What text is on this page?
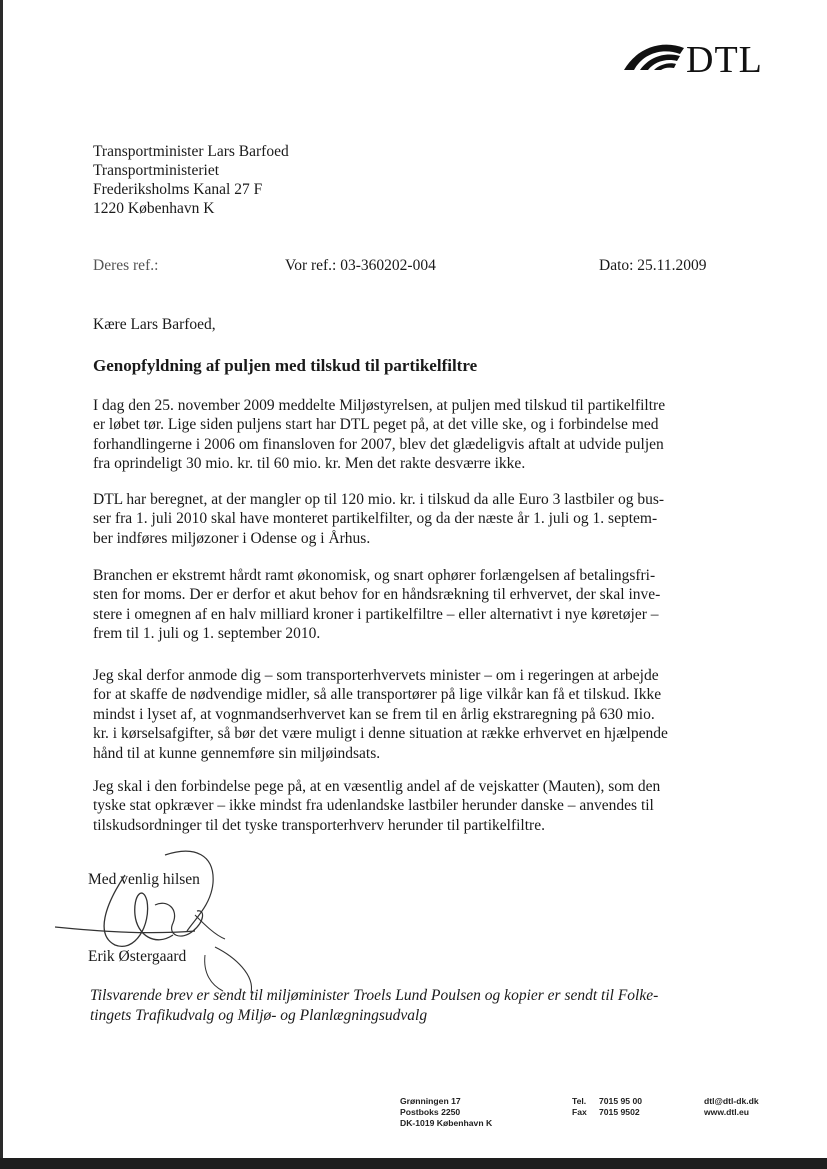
DTL
Transportminister Lars Barfoed
Transportministeriet
Frederiksholms Kanal 27 F
1220 København K
Deres ref.:	Vor ref.: 03-360202-004	Dato: 25.11.2009
Kære Lars Barfoed,
Genopfyldning af puljen med tilskud til partikelfiltre
I dag den 25. november 2009 meddelte Miljøstyrelsen, at puljen med tilskud til partikelfiltre
er løbet tør. Lige siden puljens start har DTL peget på, at det ville ske, og i forbindelse med
forhandlingerne i 2006 om finansloven for 2007, blev det glædeligvis aftalt at udvide puljen
fra oprindeligt 30 mio. kr. til 60 mio. kr. Men det rakte desværre ikke.
DTL har beregnet, at der mangler op til 120 mio. kr. i tilskud da alle Euro 3 lastbiler og bus-
ser fra 1. juli 2010 skal have monteret partikelfilter, og da der næste år 1. juli og 1. septem-
ber indføres miljøzoner i Odense og i Århus.
Branchen er ekstremt hårdt ramt økonomisk, og snart ophører forlængelsen af betalingsfri-
sten for moms. Der er derfor et akut behov for en håndsrækning til erhvervet, der skal inve-
stere i omegnen af en halv milliard kroner i partikelfiltre – eller alternativt i nye køretøjer –
frem til 1. juli og 1. september 2010.
Jeg skal derfor anmode dig – som transporterhvervets minister – om i regeringen at arbejde
for at skaffe de nødvendige midler, så alle transportører på lige vilkår kan få et tilskud. Ikke
mindst i lyset af, at vognmandserhvervet kan se frem til en årlig ekstraregning på 630 mio.
kr. i kørselsafgifter, så bør det være muligt i denne situation at række erhvervet en hjælpende
hånd til at kunne gennemføre sin miljøindsats.
Jeg skal i den forbindelse pege på, at en væsentlig andel af de vejskatter (Mauten), som den
tyske stat opkræver – ikke mindst fra udenlandske lastbiler herunder danske – anvendes til
tilskudsordninger til det tyske transporterhverv herunder til partikelfiltre.
Med venlig hilsen
Erik Østergaard
Tilsvarende brev er sendt til miljøminister Troels Lund Poulsen og kopier er sendt til Folke-
tingets Trafikudvalg og Miljø- og Planlægningsudvalg
Grønningen 17
Postboks 2250
DK-1019 København K
Tel. 7015 95 00
Fax 7015 9502
dtl@dtl-dk.dk
www.dtl.eu
